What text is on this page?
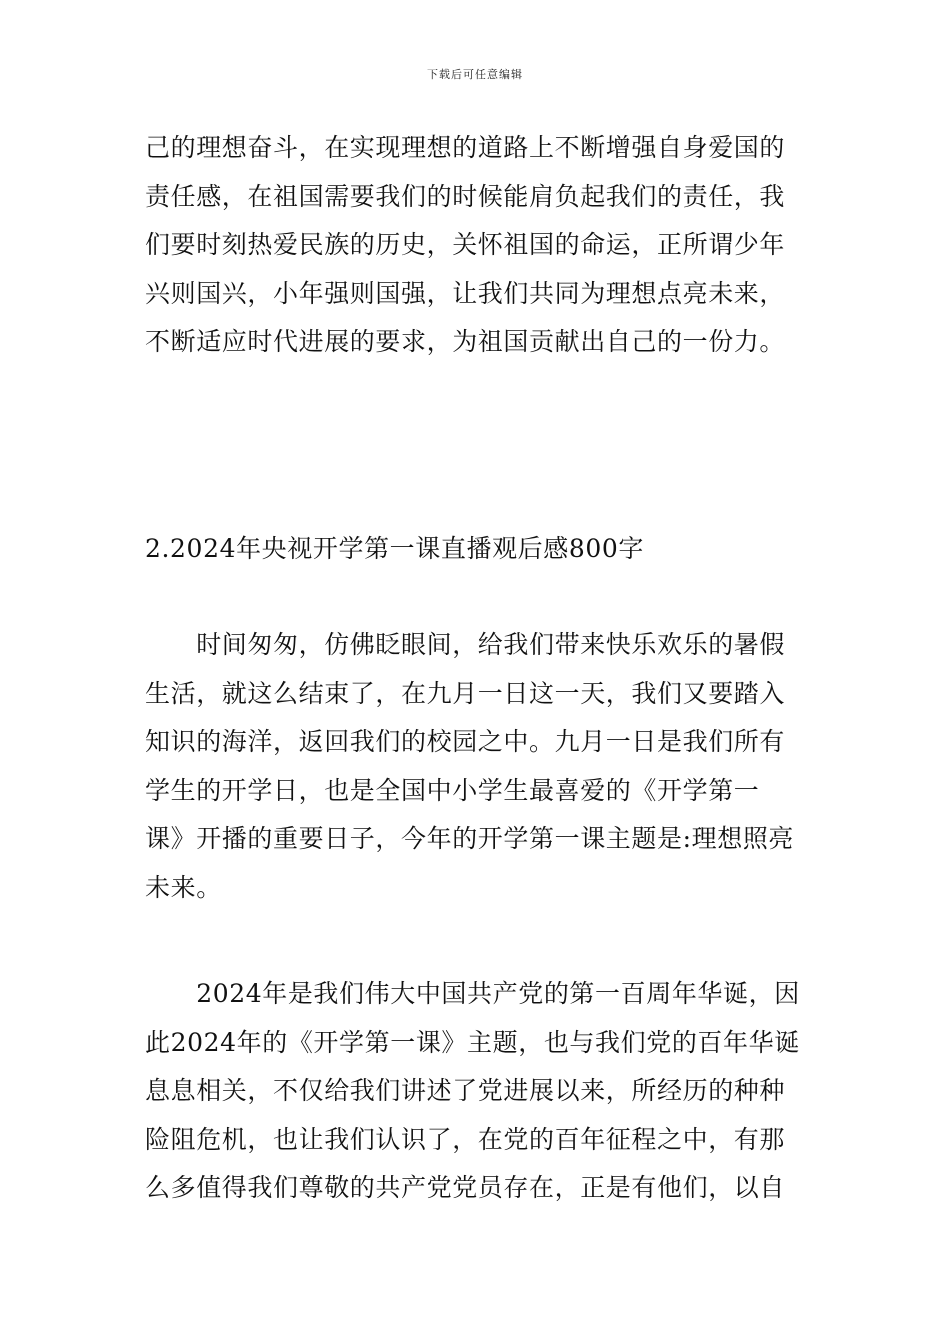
下载后可任意编辑
己的理想奋斗，在实现理想的道路上不断增强自身爱国的
责任感，在祖国需要我们的时候能肩负起我们的责任，我
们要时刻热爱民族的历史，关怀祖国的命运，正所谓少年
兴则国兴，小年强则国强，让我们共同为理想点亮未来，
不断适应时代进展的要求，为祖国贡献出自己的一份力。
2.2024年央视开学第一课直播观后感800字
　　时间匆匆，仿佛眨眼间，给我们带来快乐欢乐的暑假
生活，就这么结束了，在九月一日这一天，我们又要踏入
知识的海洋，返回我们的校园之中。九月一日是我们所有
学生的开学日，也是全国中小学生最喜爱的《开学第一
课》开播的重要日子，今年的开学第一课主题是:理想照亮
未来。
　　2024年是我们伟大中国共产党的第一百周年华诞，因
此2024年的《开学第一课》主题，也与我们党的百年华诞
息息相关，不仅给我们讲述了党进展以来，所经历的种种
险阻危机，也让我们认识了，在党的百年征程之中，有那
么多值得我们尊敬的共产党党员存在，正是有他们，以自
